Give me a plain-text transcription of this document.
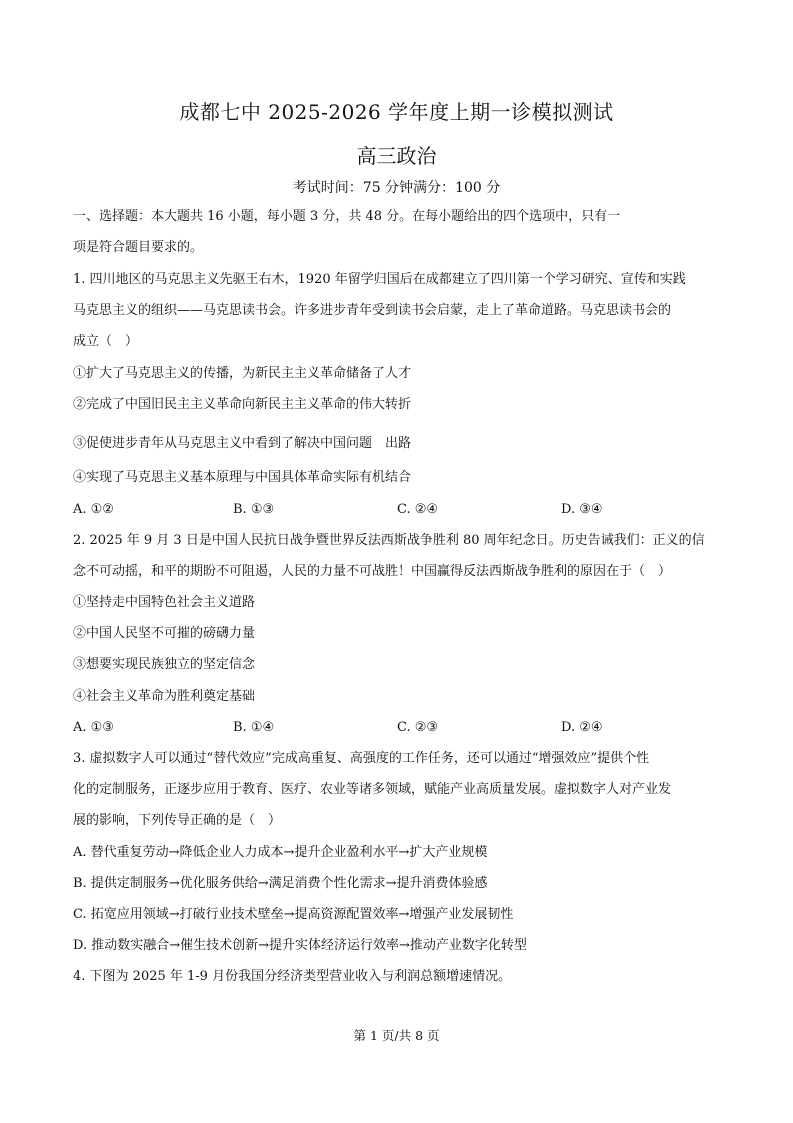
成都七中 2025-2026 学年度上期一诊模拟测试
高三政治
考试时间：75 分钟满分：100 分
一、选择题：本大题共 16 小题，每小题 3 分，共 48 分。在每小题给出的四个选项中，只有一
项是符合题目要求的。
1. 四川地区的马克思主义先驱王右木，1920 年留学归国后在成都建立了四川第一个学习研究、宣传和实践
马克思主义的组织——马克思读书会。许多进步青年受到读书会启蒙，走上了革命道路。马克思读书会的
成立（　）
①扩大了马克思主义的传播，为新民主主义革命储备了人才
②完成了中国旧民主主义革命向新民主主义革命的伟大转折
③促使进步青年从马克思主义中看到了解决中国问题　出路
④实现了马克思主义基本原理与中国具体革命实际有机结合
A. ①②	B. ①③	C. ②④	D. ③④
2. 2025 年 9 月 3 日是中国人民抗日战争暨世界反法西斯战争胜利 80 周年纪念日。历史告诫我们：正义的信
念不可动摇，和平的期盼不可阻遏，人民的力量不可战胜！中国赢得反法西斯战争胜利的原因在于（　）
①坚持走中国特色社会主义道路
②中国人民坚不可摧的磅礴力量
③想要实现民族独立的坚定信念
④社会主义革命为胜利奠定基础
A. ①③	B. ①④	C. ②③	D. ②④
3. 虚拟数字人可以通过“替代效应”完成高重复、高强度的工作任务，还可以通过“增强效应”提供个性
化的定制服务，正逐步应用于教育、医疗、农业等诸多领域，赋能产业高质量发展。虚拟数字人对产业发
展的影响，下列传导正确的是（　）
A. 替代重复劳动→降低企业人力成本→提升企业盈利水平→扩大产业规模
B. 提供定制服务→优化服务供给→满足消费个性化需求→提升消费体验感
C. 拓宽应用领域→打破行业技术壁垒→提高资源配置效率→增强产业发展韧性
D. 推动数实融合→催生技术创新→提升实体经济运行效率→推动产业数字化转型
4. 下图为 2025 年 1-9 月份我国分经济类型营业收入与利润总额增速情况。
第 1 页/共 8 页
